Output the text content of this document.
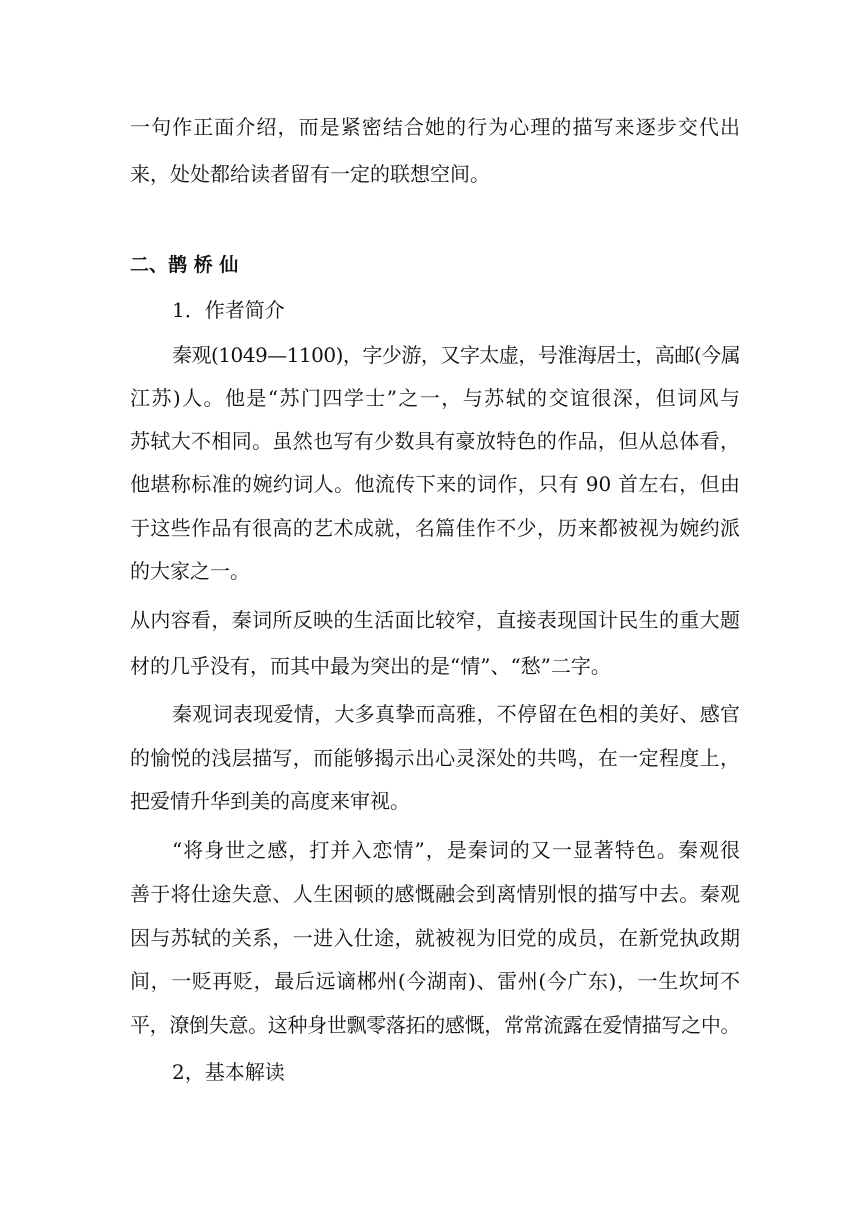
一句作正面介绍，而是紧密结合她的行为心理的描写来逐步交代出
来，处处都给读者留有一定的联想空间。
二、鹊 桥 仙
1．作者简介
秦观(1049—1100)，字少游，又字太虚，号淮海居士，高邮(今属
江苏)人。他是“苏门四学士”之一，与苏轼的交谊很深，但词风与
苏轼大不相同。虽然也写有少数具有豪放特色的作品，但从总体看，
他堪称标准的婉约词人。他流传下来的词作，只有 90 首左右，但由
于这些作品有很高的艺术成就，名篇佳作不少，历来都被视为婉约派
的大家之一。
从内容看，秦词所反映的生活面比较窄，直接表现国计民生的重大题
材的几乎没有，而其中最为突出的是“情”、“愁”二字。
秦观词表现爱情，大多真挚而高雅，不停留在色相的美好、感官
的愉悦的浅层描写，而能够揭示出心灵深处的共鸣，在一定程度上，
把爱情升华到美的高度来审视。
“将身世之感，打并入恋情”，是秦词的又一显著特色。秦观很
善于将仕途失意、人生困顿的感慨融会到离情别恨的描写中去。秦观
因与苏轼的关系，一进入仕途，就被视为旧党的成员，在新党执政期
间，一贬再贬，最后远谪郴州(今湖南)、雷州(今广东)，一生坎坷不
平，潦倒失意。这种身世飘零落拓的感慨，常常流露在爱情描写之中。
2，基本解读
